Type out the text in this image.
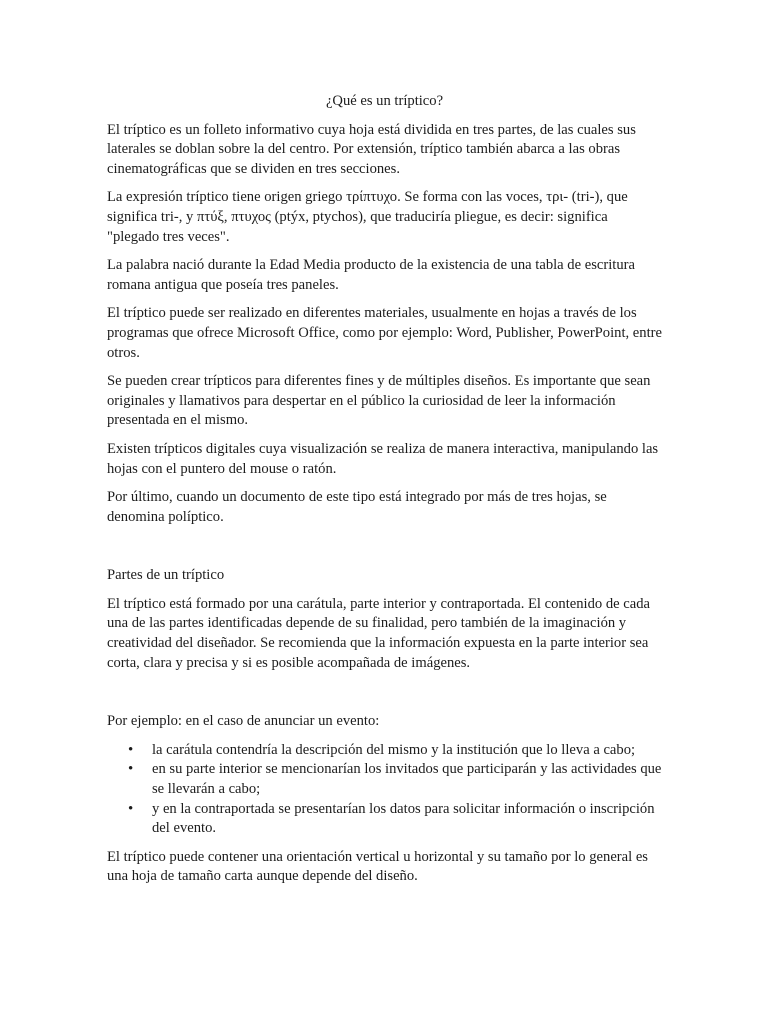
¿Qué es un tríptico?

El tríptico es un folleto informativo cuya hoja está dividida en tres partes, de las cuales sus laterales se doblan sobre la del centro. Por extensión, tríptico también abarca a las obras cinematográficas que se dividen en tres secciones.

La expresión tríptico tiene origen griego τρίπτυχο. Se forma con las voces, τρι- (tri-), que significa tri-, y πτύξ, πτυχος (ptýx, ptychos), que traduciría pliegue, es decir: significa "plegado tres veces".

La palabra nació durante la Edad Media producto de la existencia de una tabla de escritura romana antigua que poseía tres paneles.

El tríptico puede ser realizado en diferentes materiales, usualmente en hojas a través de los programas que ofrece Microsoft Office, como por ejemplo: Word, Publisher, PowerPoint, entre otros.

Se pueden crear trípticos para diferentes fines y de múltiples diseños. Es importante que sean originales y llamativos para despertar en el público la curiosidad de leer la información presentada en el mismo.

Existen trípticos digitales cuya visualización se realiza de manera interactiva, manipulando las hojas con el puntero del mouse o ratón.

Por último, cuando un documento de este tipo está integrado por más de tres hojas, se denomina políptico.

Partes de un tríptico

El tríptico está formado por una carátula, parte interior y contraportada. El contenido de cada una de las partes identificadas depende de su finalidad, pero también de la imaginación y creatividad del diseñador. Se recomienda que la información expuesta en la parte interior sea corta, clara y precisa y si es posible acompañada de imágenes.

Por ejemplo: en el caso de anunciar un evento:
• la carátula contendría la descripción del mismo y la institución que lo lleva a cabo;
• en su parte interior se mencionarían los invitados que participarán y las actividades que se llevarán a cabo;
• y en la contraportada se presentarían los datos para solicitar información o inscripción del evento.

El tríptico puede contener una orientación vertical u horizontal y su tamaño por lo general es una hoja de tamaño carta aunque depende del diseño.
